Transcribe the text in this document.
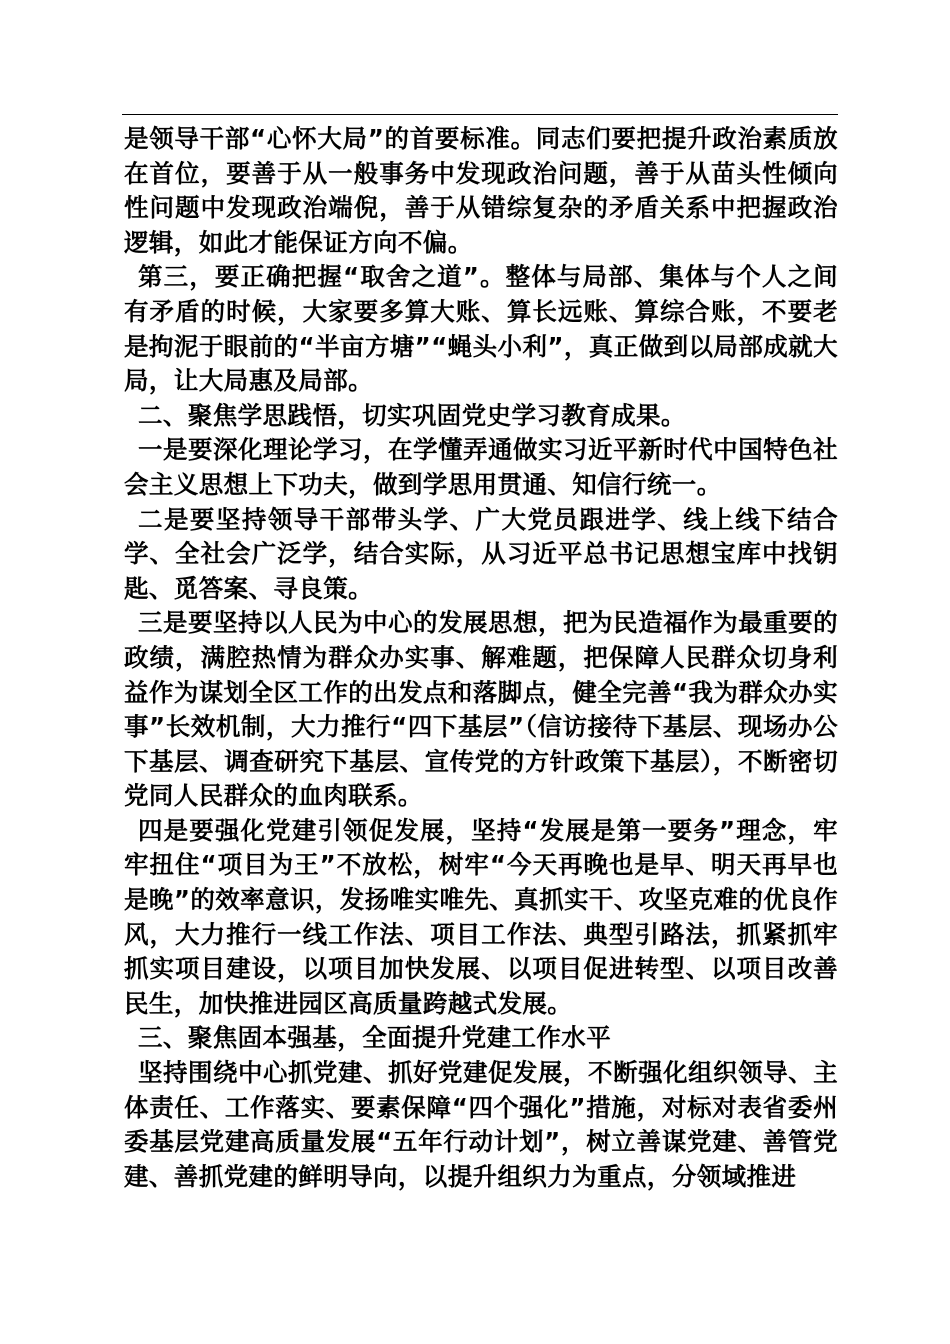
是领导干部“心怀大局”的首要标准。同志们要把提升政治素质放在首位，要善于从一般事务中发现政治问题，善于从苗头性倾向性问题中发现政治端倪，善于从错综复杂的矛盾关系中把握政治逻辑，如此才能保证方向不偏。

第三，要正确把握“取舍之道”。整体与局部、集体与个人之间有矛盾的时候，大家要多算大账、算长远账、算综合账，不要老是拘泥于眼前的“半亩方塘”“蝇头小利”，真正做到以局部成就大局，让大局惠及局部。

二、聚焦学思践悟，切实巩固党史学习教育成果。

一是要深化理论学习，在学懂弄通做实习近平新时代中国特色社会主义思想上下功夫，做到学思用贯通、知信行统一。

二是要坚持领导干部带头学、广大党员跟进学、线上线下结合学、全社会广泛学，结合实际，从习近平总书记思想宝库中找钥匙、觅答案、寻良策。

三是要坚持以人民为中心的发展思想，把为民造福作为最重要的政绩，满腔热情为群众办实事、解难题，把保障人民群众切身利益作为谋划全区工作的出发点和落脚点，健全完善“我为群众办实事”长效机制，大力推行“四下基层”（信访接待下基层、现场办公下基层、调查研究下基层、宣传党的方针政策下基层），不断密切党同人民群众的血肉联系。

四是要强化党建引领促发展，坚持“发展是第一要务”理念，牢牢扭住“项目为王”不放松，树牢“今天再晚也是早、明天再早也是晚”的效率意识，发扬唯实唯先、真抓实干、攻坚克难的优良作风，大力推行一线工作法、项目工作法、典型引路法，抓紧抓牢抓实项目建设，以项目加快发展、以项目促进转型、以项目改善民生，加快推进园区高质量跨越式发展。

三、聚焦固本强基，全面提升党建工作水平

坚持围绕中心抓党建、抓好党建促发展，不断强化组织领导、主体责任、工作落实、要素保障“四个强化”措施，对标对表省委州委基层党建高质量发展“五年行动计划”，树立善谋党建、善管党建、善抓党建的鲜明导向，以提升组织力为重点，分领域推进
